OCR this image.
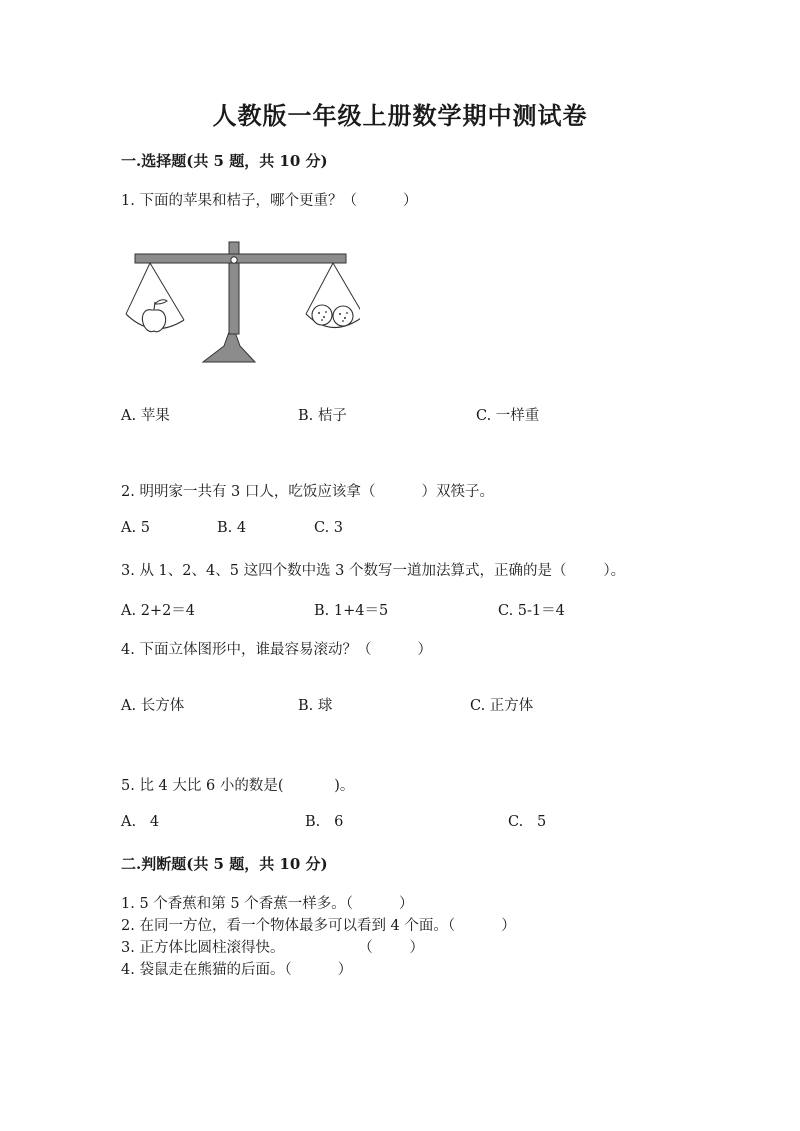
人教版一年级上册数学期中测试卷
一.选择题(共 5 题，共 10 分)
1. 下面的苹果和桔子，哪个更重？（          ）
A. 苹果	B. 桔子	C. 一样重
2. 明明家一共有 3 口人，吃饭应该拿（          ）双筷子。
A. 5	B. 4	C. 3
3. 从 1、2、4、5 这四个数中选 3 个数写一道加法算式，正确的是（        ）。
A. 2+2＝4	B. 1+4＝5	C. 5-1＝4
4. 下面立体图形中，谁最容易滚动？（          ）
A. 长方体	B. 球	C. 正方体
5. 比 4 大比 6 小的数是(           )。
A.   4	B.   6	C.   5
二.判断题(共 5 题，共 10 分)
1. 5 个香蕉和第 5 个香蕉一样多。（          ）
2. 在同一方位，看一个物体最多可以看到 4 个面。（          ）
3. 正方体比圆柱滚得快。                （        ）
4. 袋鼠走在熊猫的后面。（          ）
